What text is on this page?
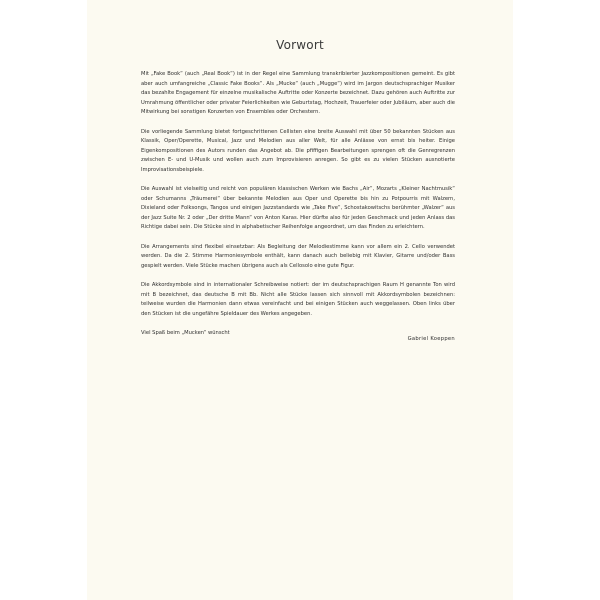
Vorwort

Mit „Fake Book“ (auch „Real Book“) ist in der Regel eine Sammlung transkribierter Jazzkompositionen gemeint. Es gibt aber auch umfangreiche „Classic Fake Books“. Als „Mucke“ (auch „Mugge“) wird im Jargon deutschsprachiger Musiker das bezahlte Engagement für einzelne musikalische Auftritte oder Konzerte bezeichnet. Dazu gehören auch Auftritte zur Umrahmung öffentlicher oder privater Feierlichkeiten wie Geburtstag, Hochzeit, Trauerfeier oder Jubiläum, aber auch die Mitwirkung bei sonstigen Konzerten von Ensembles oder Orchestern.

Die vorliegende Sammlung bietet fortgeschrittenen Cellisten eine breite Auswahl mit über 50 bekannten Stücken aus Klassik, Oper/Operette, Musical, Jazz und Melodien aus aller Welt, für alle Anlässe von ernst bis heiter. Einige Eigenkompositionen des Autors runden das Angebot ab. Die pfiffigen Bearbeitungen sprengen oft die Genregrenzen zwischen E- und U-Musik und wollen auch zum Improvisieren anregen. So gibt es zu vielen Stücken ausnotierte Improvisationsbeispiele.

Die Auswahl ist vielseitig und reicht von populären klassischen Werken wie Bachs „Air“, Mozarts „Kleiner Nachtmusik“ oder Schumanns „Träumerei“ über bekannte Melodien aus Oper und Operette bis hin zu Potpourris mit Walzern, Dixieland oder Folksongs, Tangos und einigen Jazzstandards wie „Take Five“, Schostakowitschs berühmter „Walzer“ aus der Jazz Suite Nr. 2 oder „Der dritte Mann“ von Anton Karas. Hier dürfte also für jeden Geschmack und jeden Anlass das Richtige dabei sein. Die Stücke sind in alphabetischer Reihenfolge angeordnet, um das Finden zu erleichtern.

Die Arrangements sind flexibel einsetzbar: Als Begleitung der Melodiestimme kann vor allem ein 2. Cello verwendet werden. Da die 2. Stimme Harmoniesymbole enthält, kann danach auch beliebig mit Klavier, Gitarre und/oder Bass gespielt werden. Viele Stücke machen übrigens auch als Cellosolo eine gute Figur.

Die Akkordsymbole sind in internationaler Schreibweise notiert: der im deutschsprachigen Raum H genannte Ton wird mit B bezeichnet, das deutsche B mit Bb. Nicht alle Stücke lassen sich sinnvoll mit Akkordsymbolen bezeichnen: teilweise wurden die Harmonien dann etwas vereinfacht und bei einigen Stücken auch weggelassen. Oben links über den Stücken ist die ungefähre Spieldauer des Werkes angegeben.

Viel Spaß beim „Mucken“ wünscht
Gabriel Koeppen
